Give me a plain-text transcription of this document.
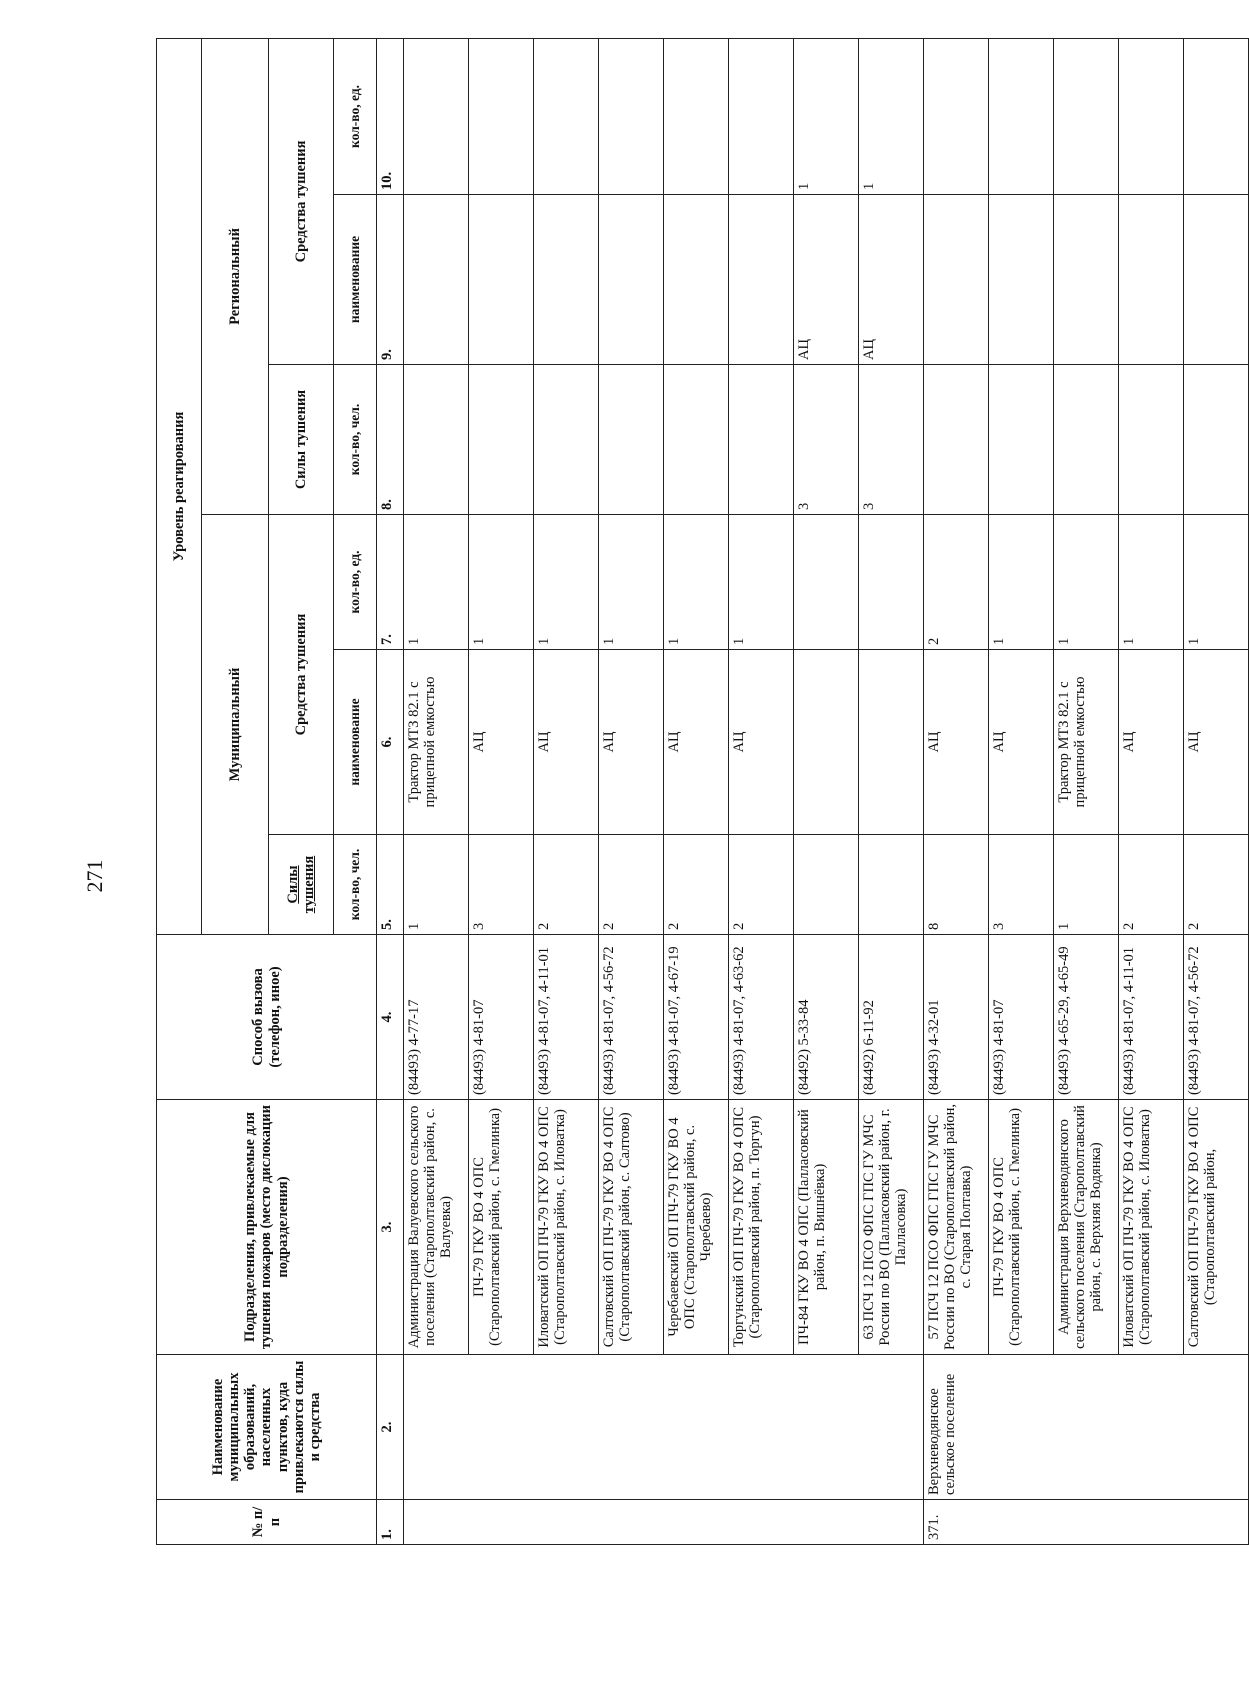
271
№ п/п	Наименование муниципальных образований, населенных пунктов, куда привлекаются силы и средства	Подразделения, привлекаемые для тушения пожаров (место дислокации подразделения)	Способ вызова (телефон, иное)	Уровень реагирования					
				Муниципальный			Региональный		
				Силы тушения	Средства тушения		Силы тушения	Средства тушения	
				кол-во, чел.	наименование	кол-во, ед.	кол-во, чел.	наименование	кол-во, ед.
1.	2.	3.	4.	5.	6.	7.	8.	9.	10.
		Администрация Валуевского сельского поселения (Старополтавский район, с. Валуевка)	(84493) 4-77-17	1	Трактор МТЗ 82.1 с прицепной емкостью	1			
		ПЧ-79 ГКУ ВО 4 ОПС (Старополтавский район, с. Гмелинка)	(84493) 4-81-07	3	АЦ	1			
		Иловатский ОП ПЧ-79 ГКУ ВО 4 ОПС (Старополтавский район, с. Иловатка)	(84493) 4-81-07, 4-11-01	2	АЦ	1			
		Салтовский ОП ПЧ-79 ГКУ ВО 4 ОПС (Старополтавский район, с. Салтово)	(84493) 4-81-07, 4-56-72	2	АЦ	1			
		Черебаевский ОП ПЧ-79 ГКУ ВО 4 ОПС (Старополтавский район, с. Черебаево)	(84493) 4-81-07, 4-67-19	2	АЦ	1			
		Торгунский ОП ПЧ-79 ГКУ ВО 4 ОПС (Старополтавский район, п. Торгун)	(84493) 4-81-07, 4-63-62	2	АЦ	1			
		ПЧ-84 ГКУ ВО 4 ОПС (Палласовский район, п. Вишнёвка)	(84492) 5-33-84				3	АЦ	1
		63 ПСЧ 12 ПСО ФПС ГПС ГУ МЧС России по ВО (Палласовский район, г. Палласовка)	(84492) 6-11-92				3	АЦ	1
371.	Верхневодянское сельское поселение	57 ПСЧ 12 ПСО ФПС ГПС ГУ МЧС России по ВО (Старополтавский район, с. Старая Полтавка)	(84493) 4-32-01	8	АЦ	2			
		ПЧ-79 ГКУ ВО 4 ОПС (Старополтавский район, с. Гмелинка)	(84493) 4-81-07	3	АЦ	1			
		Администрация Верхневодянского сельского поселения (Старополтавский район, с. Верхняя Водянка)	(84493) 4-65-29, 4-65-49	1	Трактор МТЗ 82.1 с прицепной емкостью	1			
		Иловатский ОП ПЧ-79 ГКУ ВО 4 ОПС (Старополтавский район, с. Иловатка)	(84493) 4-81-07, 4-11-01	2	АЦ	1			
		Салтовский ОП ПЧ-79 ГКУ ВО 4 ОПС (Старополтавский район,	(84493) 4-81-07, 4-56-72	2	АЦ	1			
